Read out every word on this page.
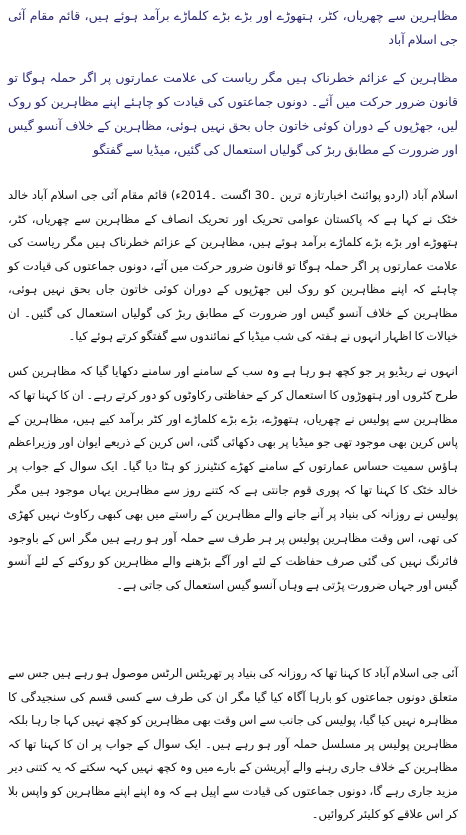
مظاہرین سے چھریاں، کٹر، ہتھوڑے اور بڑے بڑے کلماڑے برآمد ہوئے ہیں، قائم مقام آئی جی اسلام آباد
مظاہرین کے عزائم خطرناک ہیں مگر ریاست کی علامت عمارتوں پر اگر حملہ ہوگا تو قانون ضرور حرکت میں آئے۔ دونوں جماعتوں کی قیادت کو چاہئے اپنے مظاہرین کو روک لیں، جھڑپوں کے دوران کوئی خاتون جاں بحق نہیں ہوئی، مظاہرین کے خلاف آنسو گیس اور ضرورت کے مطابق ربڑ کی گولیاں استعمال کی گئیں، میڈیا سے گفتگو
اسلام آباد (اردو پوائنٹ اخبارتازہ ترین ۔30 اگست ۔2014ء) قائم مقام آئی جی اسلام آباد خالد خٹک نے کہا ہے کہ پاکستان عوامی تحریک اور تحریک انصاف کے مظاہرین سے چھریاں، کٹر، ہتھوڑے اور بڑے بڑے کلماڑے برآمد ہوئے ہیں، مظاہرین کے عزائم خطرناک ہیں مگر ریاست کی علامت عمارتوں پر اگر حملہ ہوگا تو قانون ضرور حرکت میں آئے، دونوں جماعتوں کی قیادت کو چاہئے کہ اپنے مظاہرین کو روک لیں جھڑپوں کے دوران کوئی خاتون جاں بحق نہیں ہوئی، مظاہرین کے خلاف آنسو گیس اور ضرورت کے مطابق ربڑ کی گولیاں استعمال کی گئیں۔ ان خیالات کا اظہار انہوں نے ہفتہ کی شب میڈیا کے نمائندوں سے گفتگو کرتے ہوئے کیا۔
انہوں نے ریڈیو پر جو کچھ ہو رہا ہے وہ سب کے سامنے اور سامنے دکھایا گیا کہ مظاہرین کس طرح کٹروں اور ہتھوڑوں کا استعمال کر کے حفاظتی رکاوٹوں کو دور کرتے رہے۔ ان کا کہنا تھا کہ مظاہرین سے پولیس نے چھریاں، ہتھوڑے، بڑے بڑے کلماڑے اور کٹر برآمد کیے ہیں، مظاہرین کے پاس کرین بھی موجود تھی جو میڈیا پر بھی دکھائی گئی، اس کرین کے ذریعے ایوان اور وزیراعظم ہاؤس سمیت حساس عمارتوں کے سامنے کھڑے کنٹینرز کو ہٹا دیا گیا۔ ایک سوال کے جواب پر خالد خٹک کا کہنا تھا کہ پوری قوم جانتی ہے کہ کتنے روز سے مظاہرین یہاں موجود ہیں مگر پولیس نے روزانہ کی بنیاد پر آنے جانے والے مظاہرین کے راستے میں بھی کبھی رکاوٹ نہیں کھڑی کی تھی، اس وقت مظاہرین پولیس پر ہر طرف سے حملہ آور ہو رہے ہیں مگر اس کے باوجود فائرنگ نہیں کی گئی صرف حفاظت کے لئے اور آگے بڑھنے والے مظاہرین کو روکنے کے لئے آنسو گیس اور جہاں ضرورت پڑتی ہے وہاں آنسو گیس استعمال کی جاتی ہے۔
آئی جی اسلام آباد کا کہنا تھا کہ روزانہ کی بنیاد پر تھریٹس الرٹس موصول ہو رہے ہیں جس سے متعلق دونوں جماعتوں کو بارہا آگاہ کیا گیا مگر ان کی طرف سے کسی قسم کی سنجیدگی کا مظاہرہ نہیں کیا گیا، پولیس کی جانب سے اس وقت بھی مظاہرین کو کچھ نہیں کہا جا رہا بلکہ مظاہرین پولیس پر مسلسل حملہ آور ہو رہے ہیں۔ ایک سوال کے جواب پر ان کا کہنا تھا کہ مظاہرین کے خلاف جاری رہنے والے آپریشن کے بارے میں وہ کچھ نہیں کہہ سکتے کہ یہ کتنی دیر مزید جاری رہے گا، دونوں جماعتوں کی قیادت سے اپیل ہے کہ وہ اپنے اپنے مظاہرین کو واپس بلا کر اس علاقے کو کلیئر کروائیں۔
